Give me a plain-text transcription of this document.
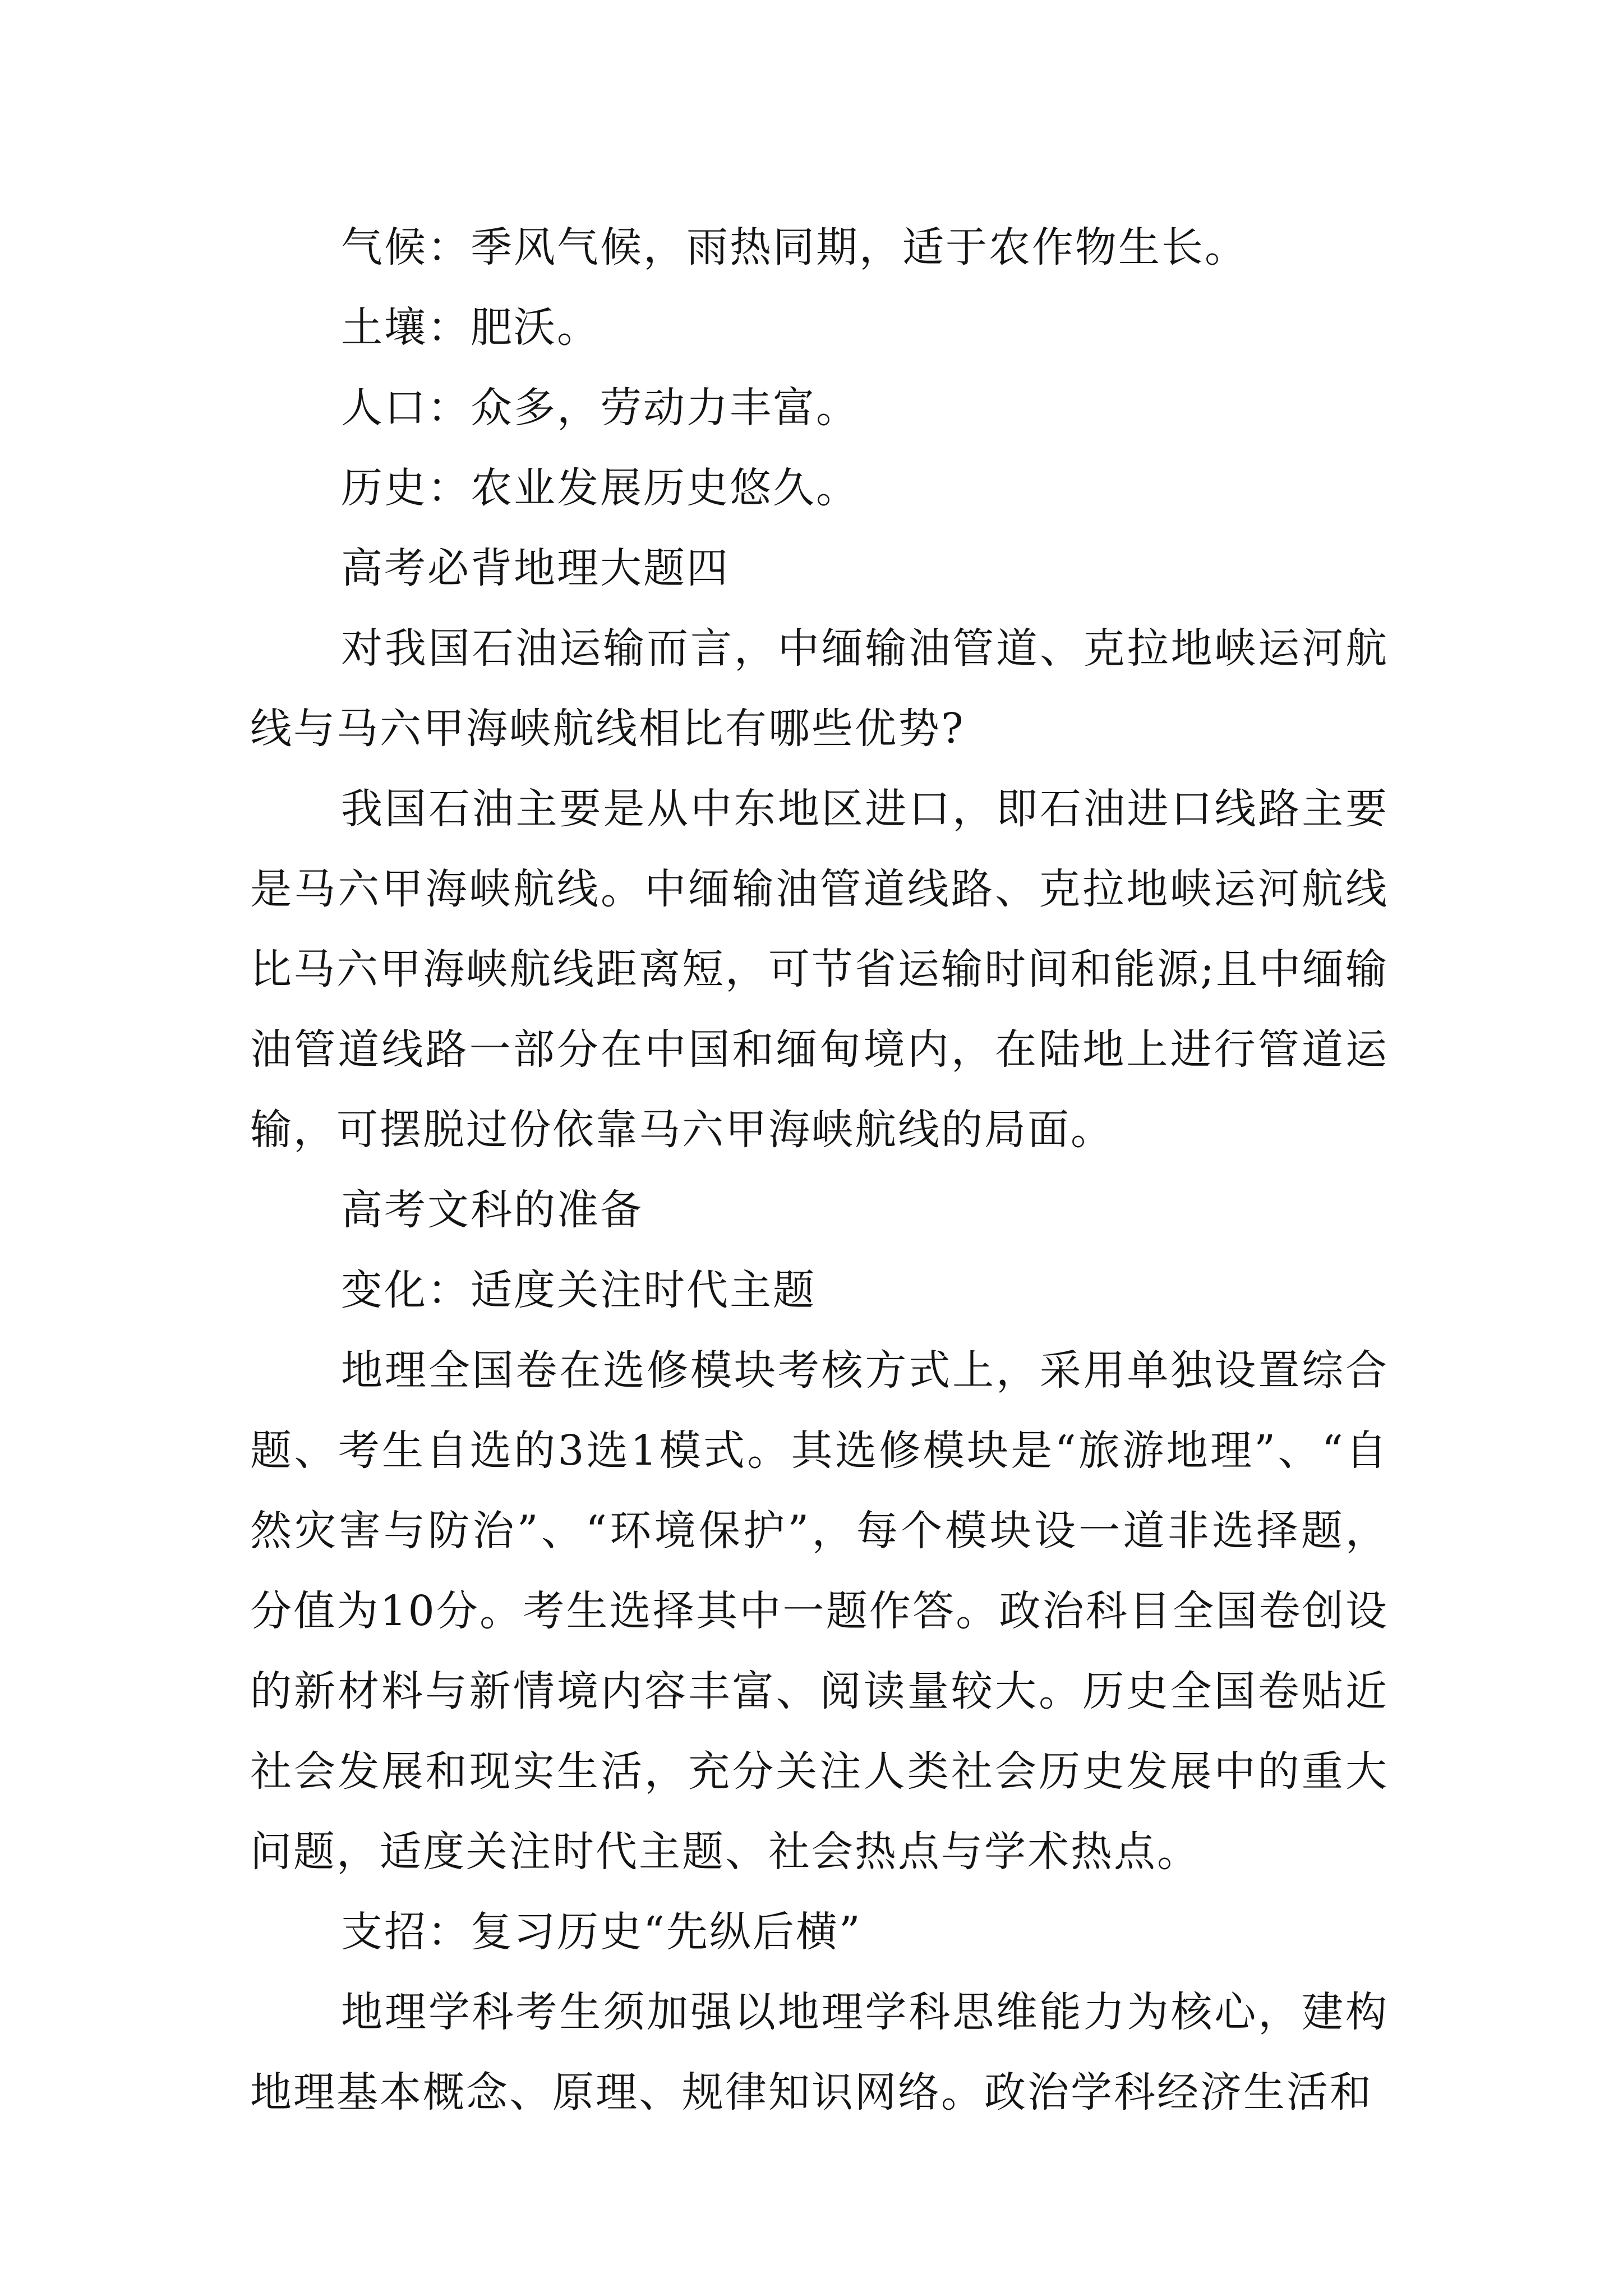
气候：季风气候，雨热同期，适于农作物生长。

土壤：肥沃。

人口：众多，劳动力丰富。

历史：农业发展历史悠久。

高考必背地理大题四

对我国石油运输而言，中缅输油管道、克拉地峡运河航线与马六甲海峡航线相比有哪些优势?

我国石油主要是从中东地区进口，即石油进口线路主要是马六甲海峡航线。中缅输油管道线路、克拉地峡运河航线比马六甲海峡航线距离短，可节省运输时间和能源;且中缅输油管道线路一部分在中国和缅甸境内，在陆地上进行管道运输，可摆脱过份依靠马六甲海峡航线的局面。

高考文科的准备

变化：适度关注时代主题

地理全国卷在选修模块考核方式上，采用单独设置综合题、考生自选的3选1模式。其选修模块是“旅游地理”、“自然灾害与防治”、“环境保护”，每个模块设一道非选择题，分值为10分。考生选择其中一题作答。政治科目全国卷创设的新材料与新情境内容丰富、阅读量较大。历史全国卷贴近社会发展和现实生活，充分关注人类社会历史发展中的重大问题，适度关注时代主题、社会热点与学术热点。

支招：复习历史“先纵后横”

地理学科考生须加强以地理学科思维能力为核心，建构地理基本概念、原理、规律知识网络。政治学科经济生活和
